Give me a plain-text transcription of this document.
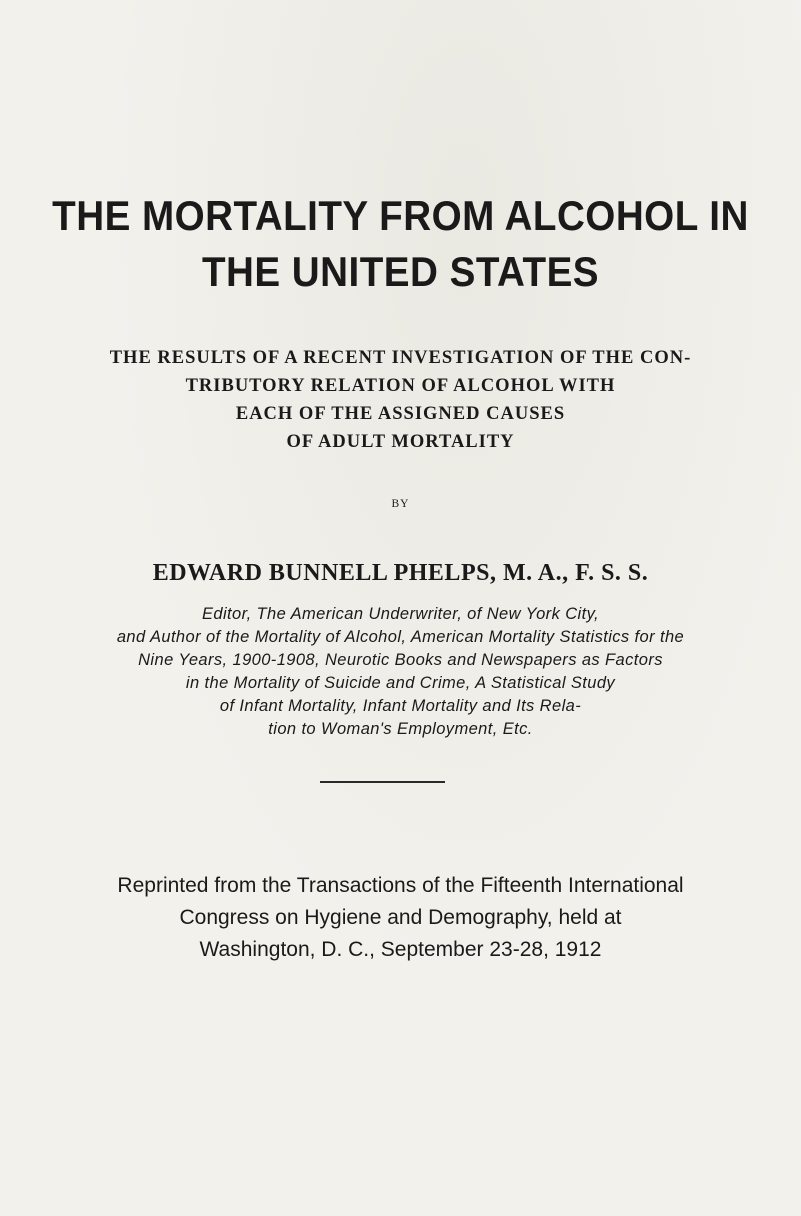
THE MORTALITY FROM ALCOHOL IN
THE UNITED STATES
THE RESULTS OF A RECENT INVESTIGATION OF THE CON-
TRIBUTORY RELATION OF ALCOHOL WITH
EACH OF THE ASSIGNED CAUSES
OF ADULT MORTALITY
BY
EDWARD BUNNELL PHELPS, M. A., F. S. S.
Editor, The American Underwriter, of New York City,
and Author of the Mortality of Alcohol, American Mortality Statistics for the
Nine Years, 1900-1908, Neurotic Books and Newspapers as Factors
in the Mortality of Suicide and Crime, A Statistical Study
of Infant Mortality, Infant Mortality and Its Rela-
tion to Woman's Employment, Etc.
Reprinted from the Transactions of the Fifteenth International
Congress on Hygiene and Demography, held at
Washington, D. C., September 23-28, 1912
